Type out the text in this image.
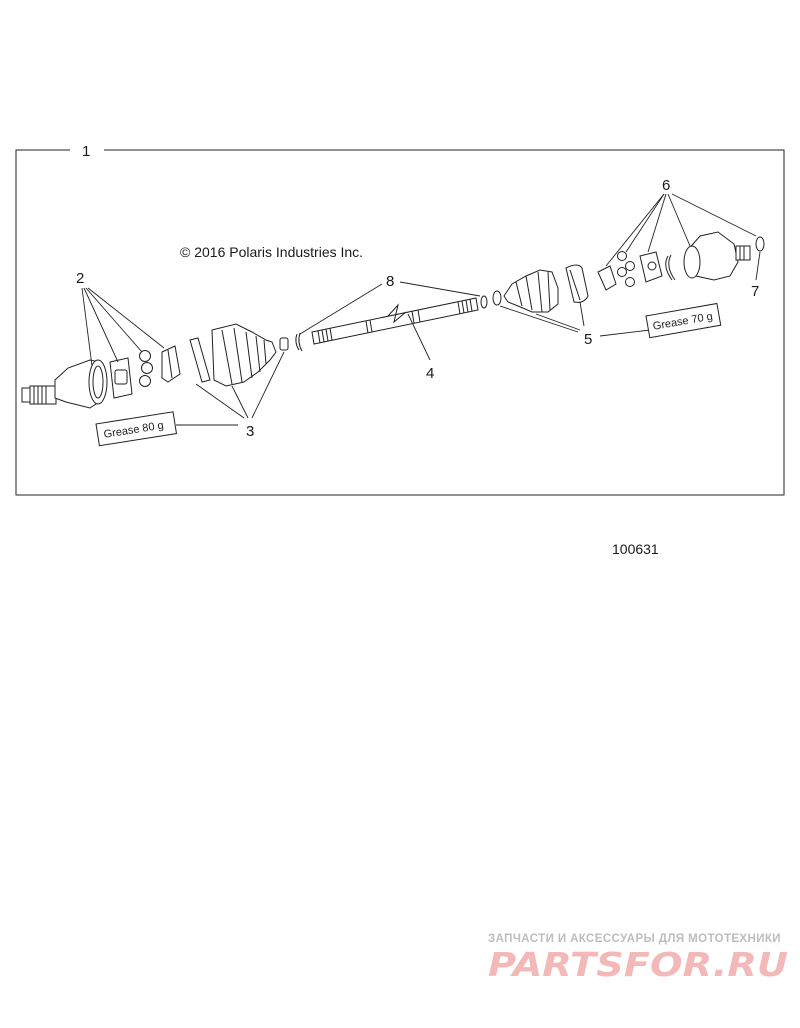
1
© 2016 Polaris Industries Inc.
2
3
Grease 80 g
4
8
5
Grease 70 g
6
7
100631
ЗАПЧАСТИ И АКСЕССУАРЫ ДЛЯ МОТОТЕХНИКИ
PARTSFOR.RU
